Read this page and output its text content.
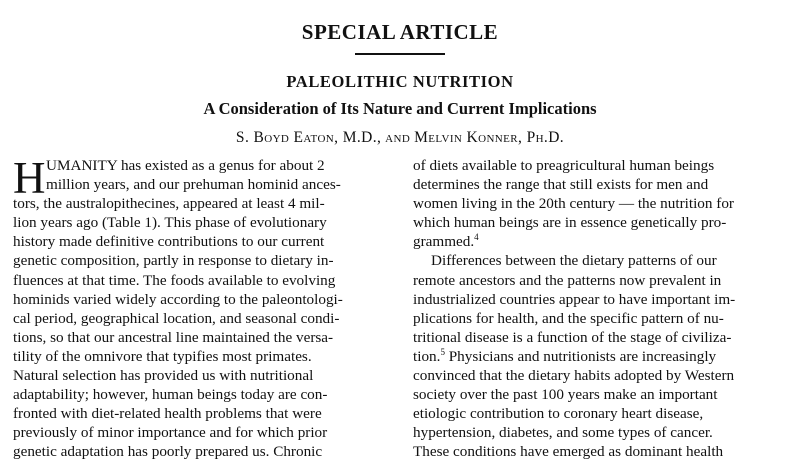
SPECIAL ARTICLE
PALEOLITHIC NUTRITION
A Consideration of Its Nature and Current Implications
S. Boyd Eaton, M.D., and Melvin Konner, Ph.D.
H UMANITY has existed as a genus for about 2
million years, and our prehuman hominid ances-
tors, the australopithecines, appeared at least 4 mil-
lion years ago (Table 1). This phase of evolutionary
history made definitive contributions to our current
genetic composition, partly in response to dietary in-
fluences at that time. The foods available to evolving
hominids varied widely according to the paleontologi-
cal period, geographical location, and seasonal condi-
tions, so that our ancestral line maintained the versa-
tility of the omnivore that typifies most primates.
Natural selection has provided us with nutritional
adaptability; however, human beings today are con-
fronted with diet-related health problems that were
previously of minor importance and for which prior
genetic adaptation has poorly prepared us. Chronic
of diets available to preagricultural human beings
determines the range that still exists for men and
women living in the 20th century — the nutrition for
which human beings are in essence genetically pro-
grammed.$^4$
Differences between the dietary patterns of our
remote ancestors and the patterns now prevalent in
industrialized countries appear to have important im-
plications for health, and the specific pattern of nu-
tritional disease is a function of the stage of civiliza-
tion.$^5$ Physicians and nutritionists are increasingly
convinced that the dietary habits adopted by Western
society over the past 100 years make an important
etiologic contribution to coronary heart disease,
hypertension, diabetes, and some types of cancer.
These conditions have emerged as dominant health
